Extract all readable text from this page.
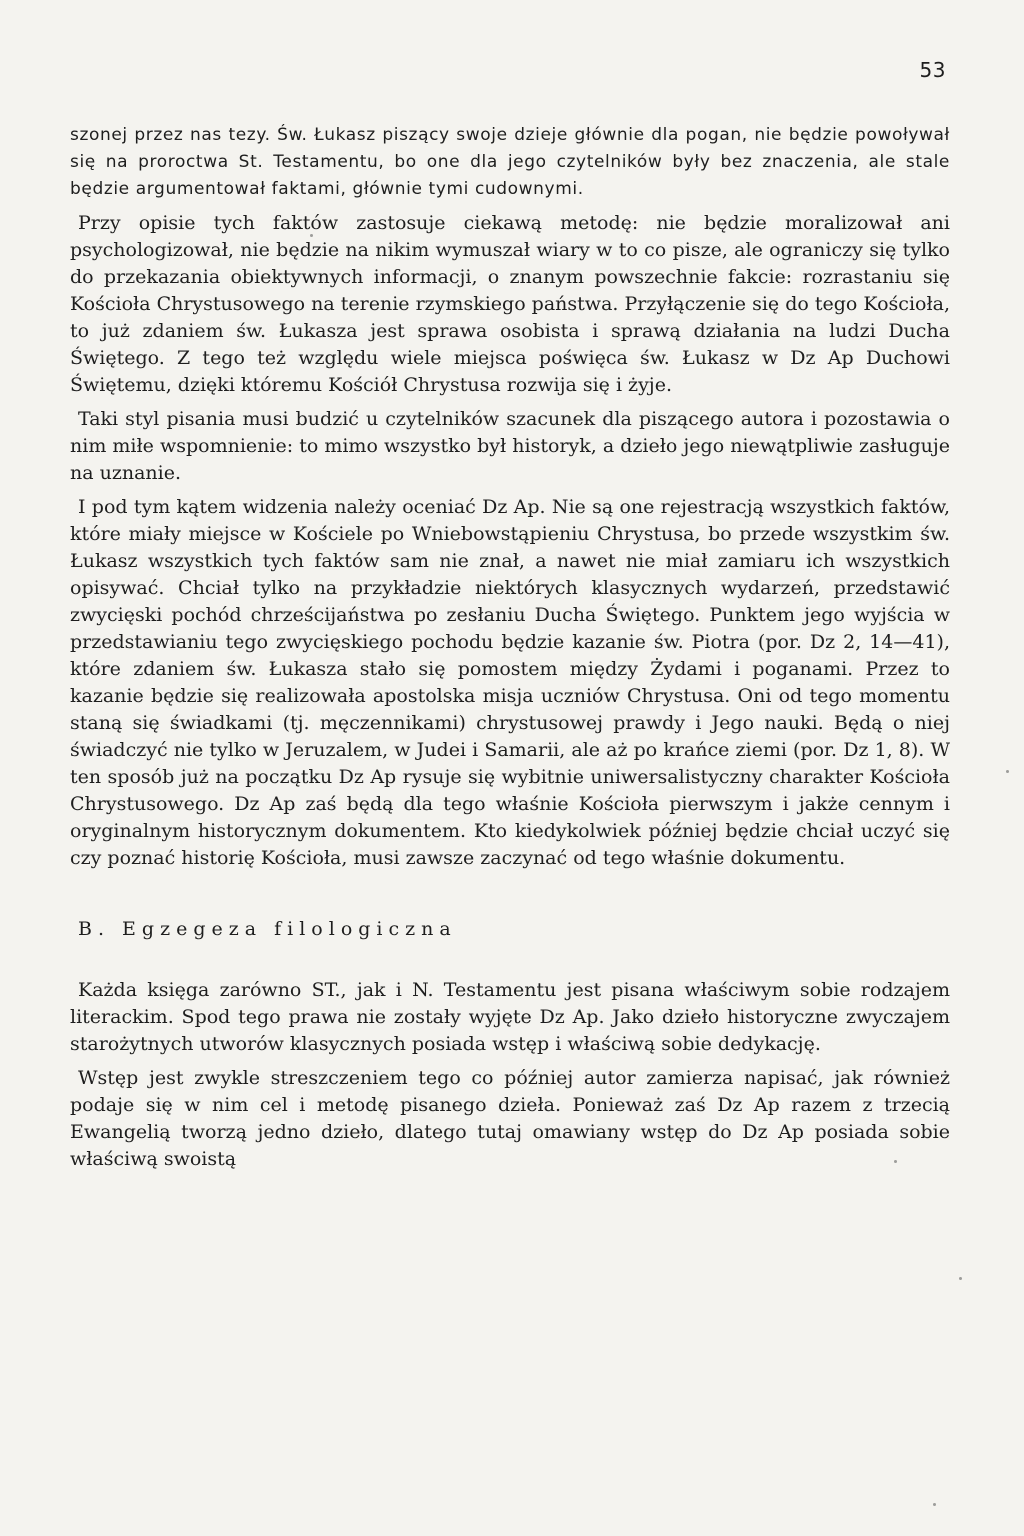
53

szonej przez nas tezy. Św. Łukasz piszący swoje dzieje głównie dla pogan, nie będzie powoływał się na proroctwa St. Testamentu, bo one dla jego czytelników były bez znaczenia, ale stale będzie argumentował faktami, głównie tymi cudownymi.

Przy opisie tych faktów zastosuje ciekawą metodę: nie będzie moralizował ani psychologizował, nie będzie na nikim wymuszał wiary w to co pisze, ale ograniczy się tylko do przekazania obiektywnych informacji, o znanym powszechnie fakcie: rozrastaniu się Kościoła Chrystusowego na terenie rzymskiego państwa. Przyłączenie się do tego Kościoła, to już zdaniem św. Łukasza jest sprawa osobista i sprawą działania na ludzi Ducha Świętego. Z tego też względu wiele miejsca poświęca św. Łukasz w Dz Ap Duchowi Świętemu, dzięki któremu Kościół Chrystusa rozwija się i żyje.

Taki styl pisania musi budzić u czytelników szacunek dla piszącego autora i pozostawia o nim miłe wspomnienie: to mimo wszystko był historyk, a dzieło jego niewątpliwie zasługuje na uznanie.

I pod tym kątem widzenia należy oceniać Dz Ap. Nie są one rejestracją wszystkich faktów, które miały miejsce w Kościele po Wniebowstąpieniu Chrystusa, bo przede wszystkim św. Łukasz wszystkich tych faktów sam nie znał, a nawet nie miał zamiaru ich wszystkich opisywać. Chciał tylko na przykładzie niektórych klasycznych wydarzeń, przedstawić zwycięski pochód chrześcijaństwa po zesłaniu Ducha Świętego. Punktem jego wyjścia w przedstawianiu tego zwycięskiego pochodu będzie kazanie św. Piotra (por. Dz 2, 14—41), które zdaniem św. Łukasza stało się pomostem między Żydami i poganami. Przez to kazanie będzie się realizowała apostolska misja uczniów Chrystusa. Oni od tego momentu staną się świadkami (tj. męczennikami) chrystusowej prawdy i Jego nauki. Będą o niej świadczyć nie tylko w Jeruzalem, w Judei i Samarii, ale aż po krańce ziemi (por. Dz 1, 8). W ten sposób już na początku Dz Ap rysuje się wybitnie uniwersalistyczny charakter Kościoła Chrystusowego. Dz Ap zaś będą dla tego właśnie Kościoła pierwszym i jakże cennym i oryginalnym historycznym dokumentem. Kto kiedykolwiek później będzie chciał uczyć się czy poznać historię Kościoła, musi zawsze zaczynać od tego właśnie dokumentu.

B. Egzegeza filologiczna

Każda księga zarówno ST., jak i N. Testamentu jest pisana właściwym sobie rodzajem literackim. Spod tego prawa nie zostały wyjęte Dz Ap. Jako dzieło historyczne zwyczajem starożytnych utworów klasycznych posiada wstęp i właściwą sobie dedykację.

Wstęp jest zwykle streszczeniem tego co później autor zamierza napisać, jak również podaje się w nim cel i metodę pisanego dzieła. Ponieważ zaś Dz Ap razem z trzecią Ewangelią tworzą jedno dzieło, dlatego tutaj omawiany wstęp do Dz Ap posiada sobie właściwą swoistą
